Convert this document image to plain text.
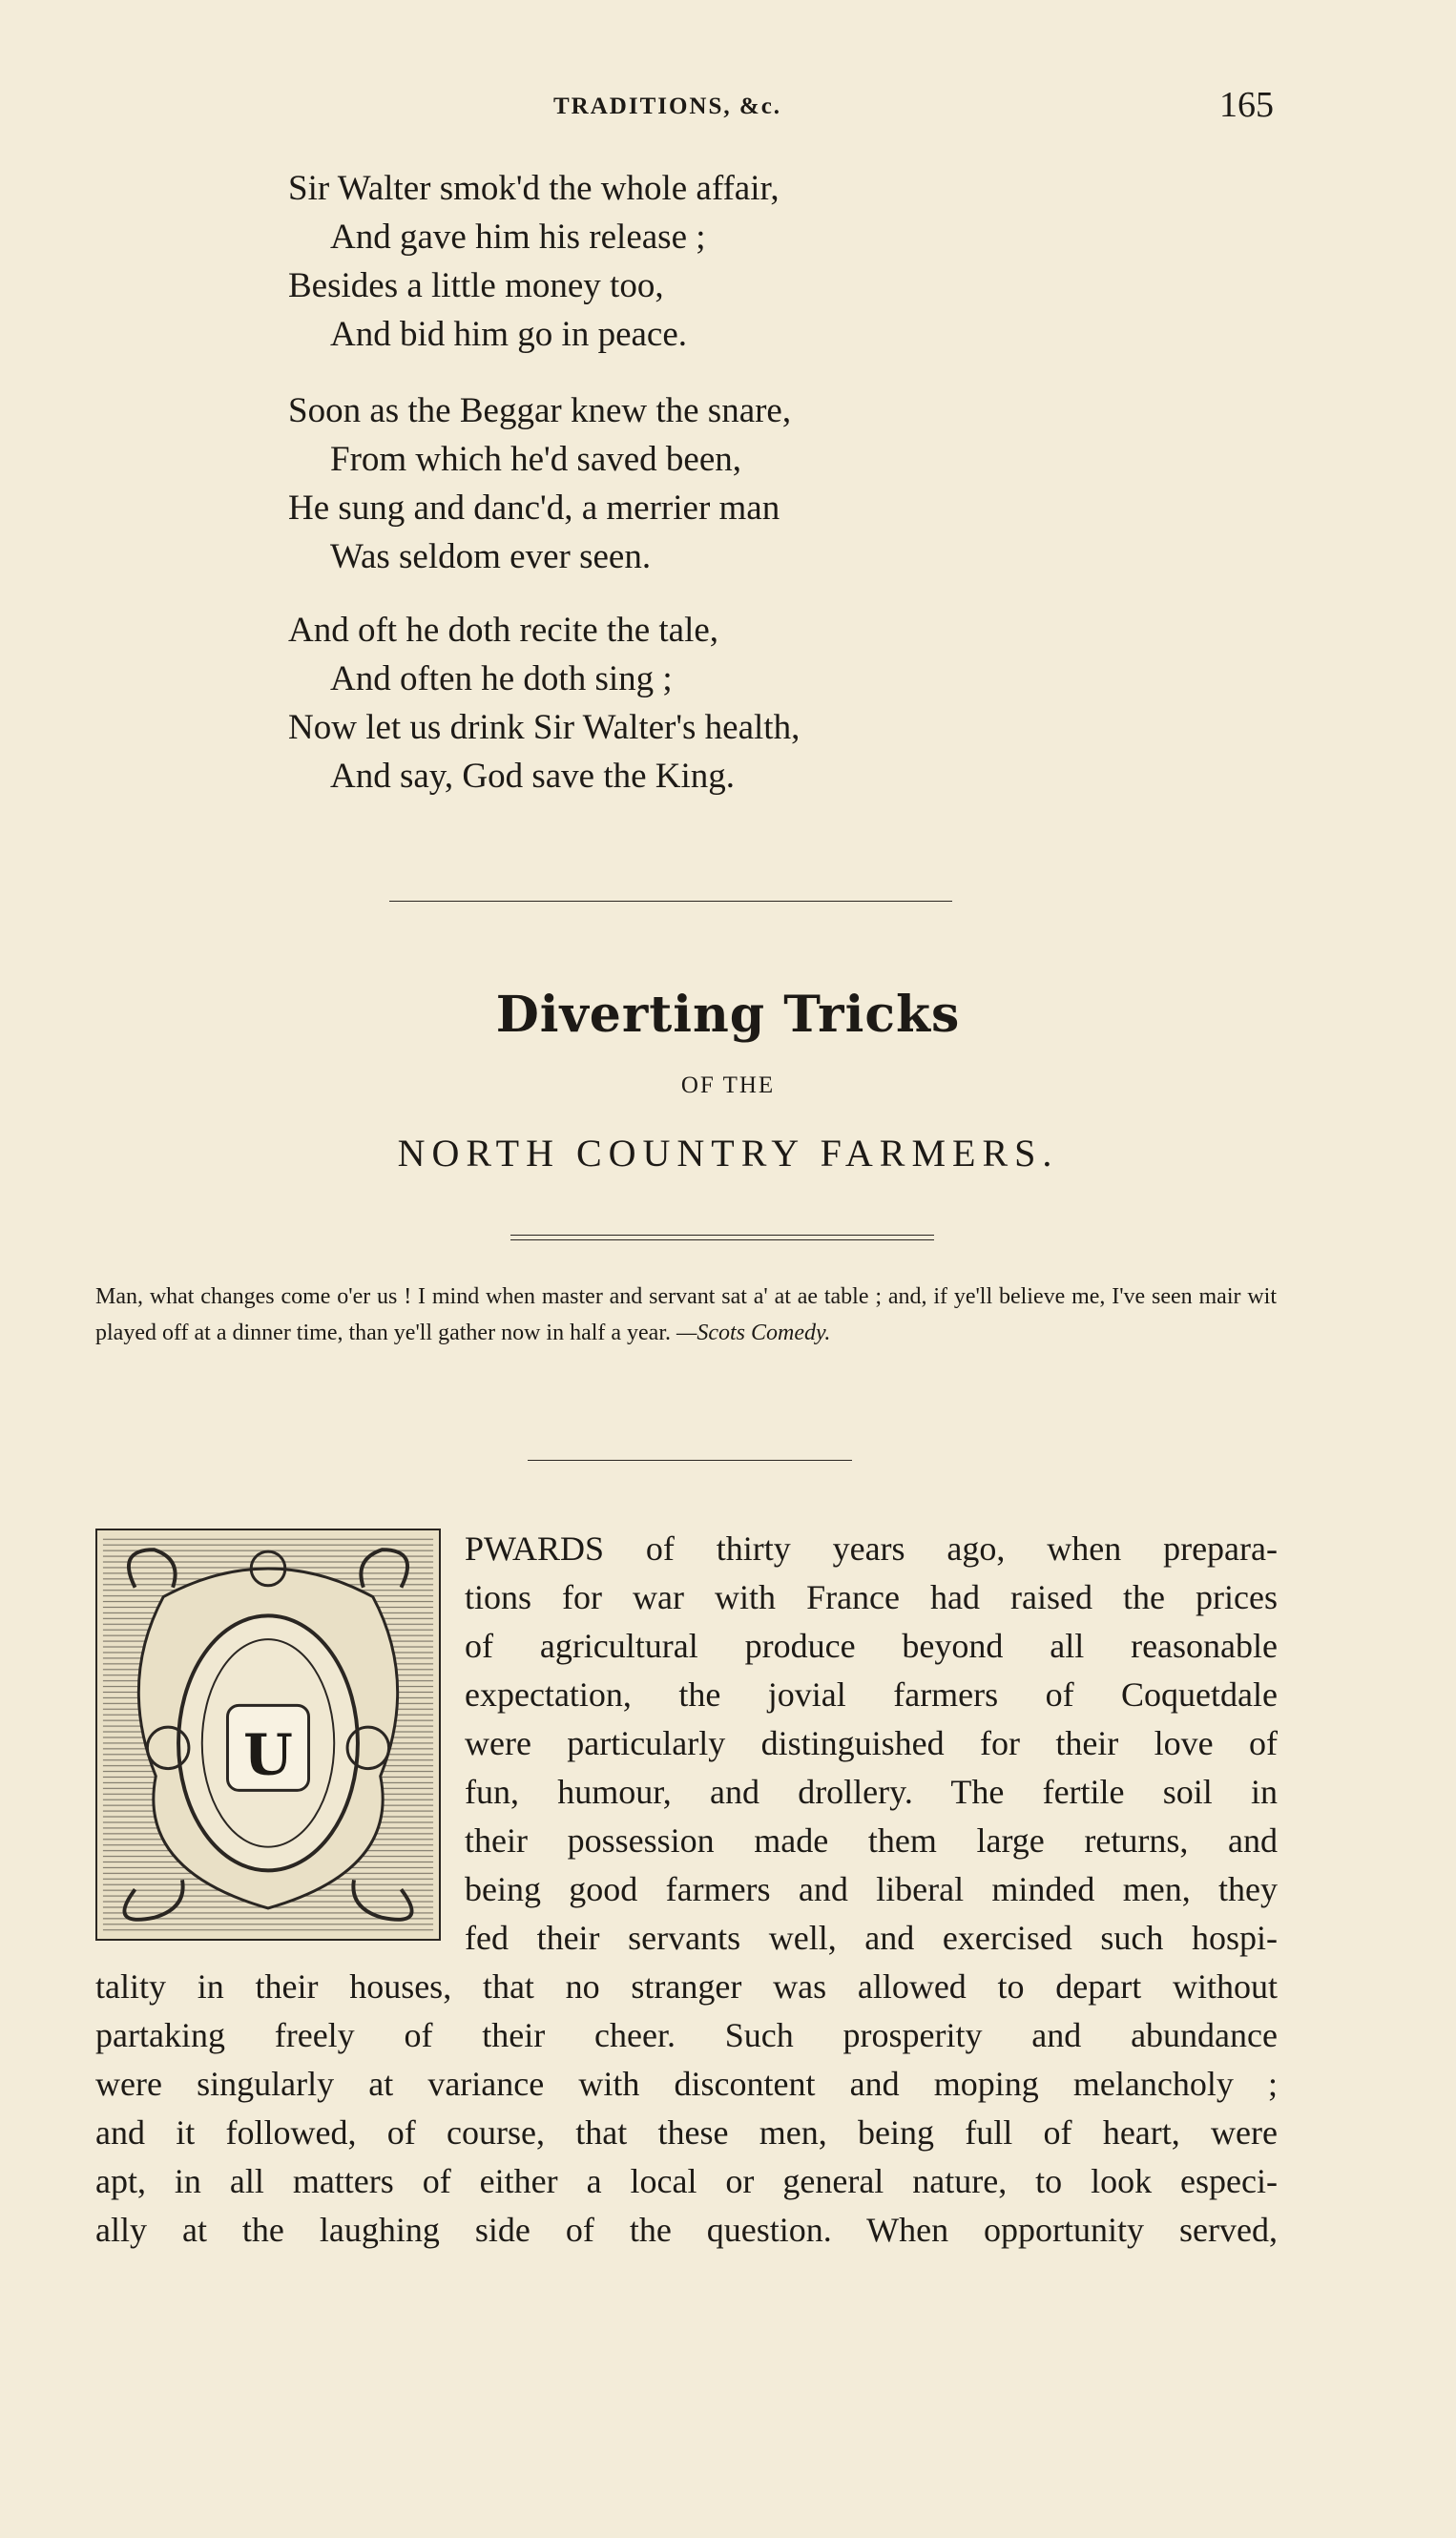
TRADITIONS, &c.	165
Sir Walter smok'd the whole affair,
And gave him his release ;
Besides a little money too,
And bid him go in peace.
Soon as the Beggar knew the snare,
From which he'd saved been,
He sung and danc'd, a merrier man
Was seldom ever seen.
And oft he doth recite the tale,
And often he doth sing ;
Now let us drink Sir Walter's health,
And say, God save the King.
Diverting Tricks
OF THE
NORTH COUNTRY FARMERS.
Man, what changes come o'er us ! I mind when master and servant sat a' at ae table ; and, if ye'll believe me, I've seen mair wit played off at a dinner time, than ye'll gather now in half a year. —Scots Comedy.
U
PWARDS of thirty years ago, when prepara-
tions for war with France had raised the prices
of agricultural produce beyond all reasonable
expectation, the jovial farmers of Coquetdale
were particularly distinguished for their love of
fun, humour, and drollery. The fertile soil in
their possession made them large returns, and
being good farmers and liberal minded men, they
fed their servants well, and exercised such hospi-
tality in their houses, that no stranger was allowed to depart without
partaking freely of their cheer. Such prosperity and abundance
were singularly at variance with discontent and moping melancholy ;
and it followed, of course, that these men, being full of heart, were
apt, in all matters of either a local or general nature, to look especi-
ally at the laughing side of the question. When opportunity served,
